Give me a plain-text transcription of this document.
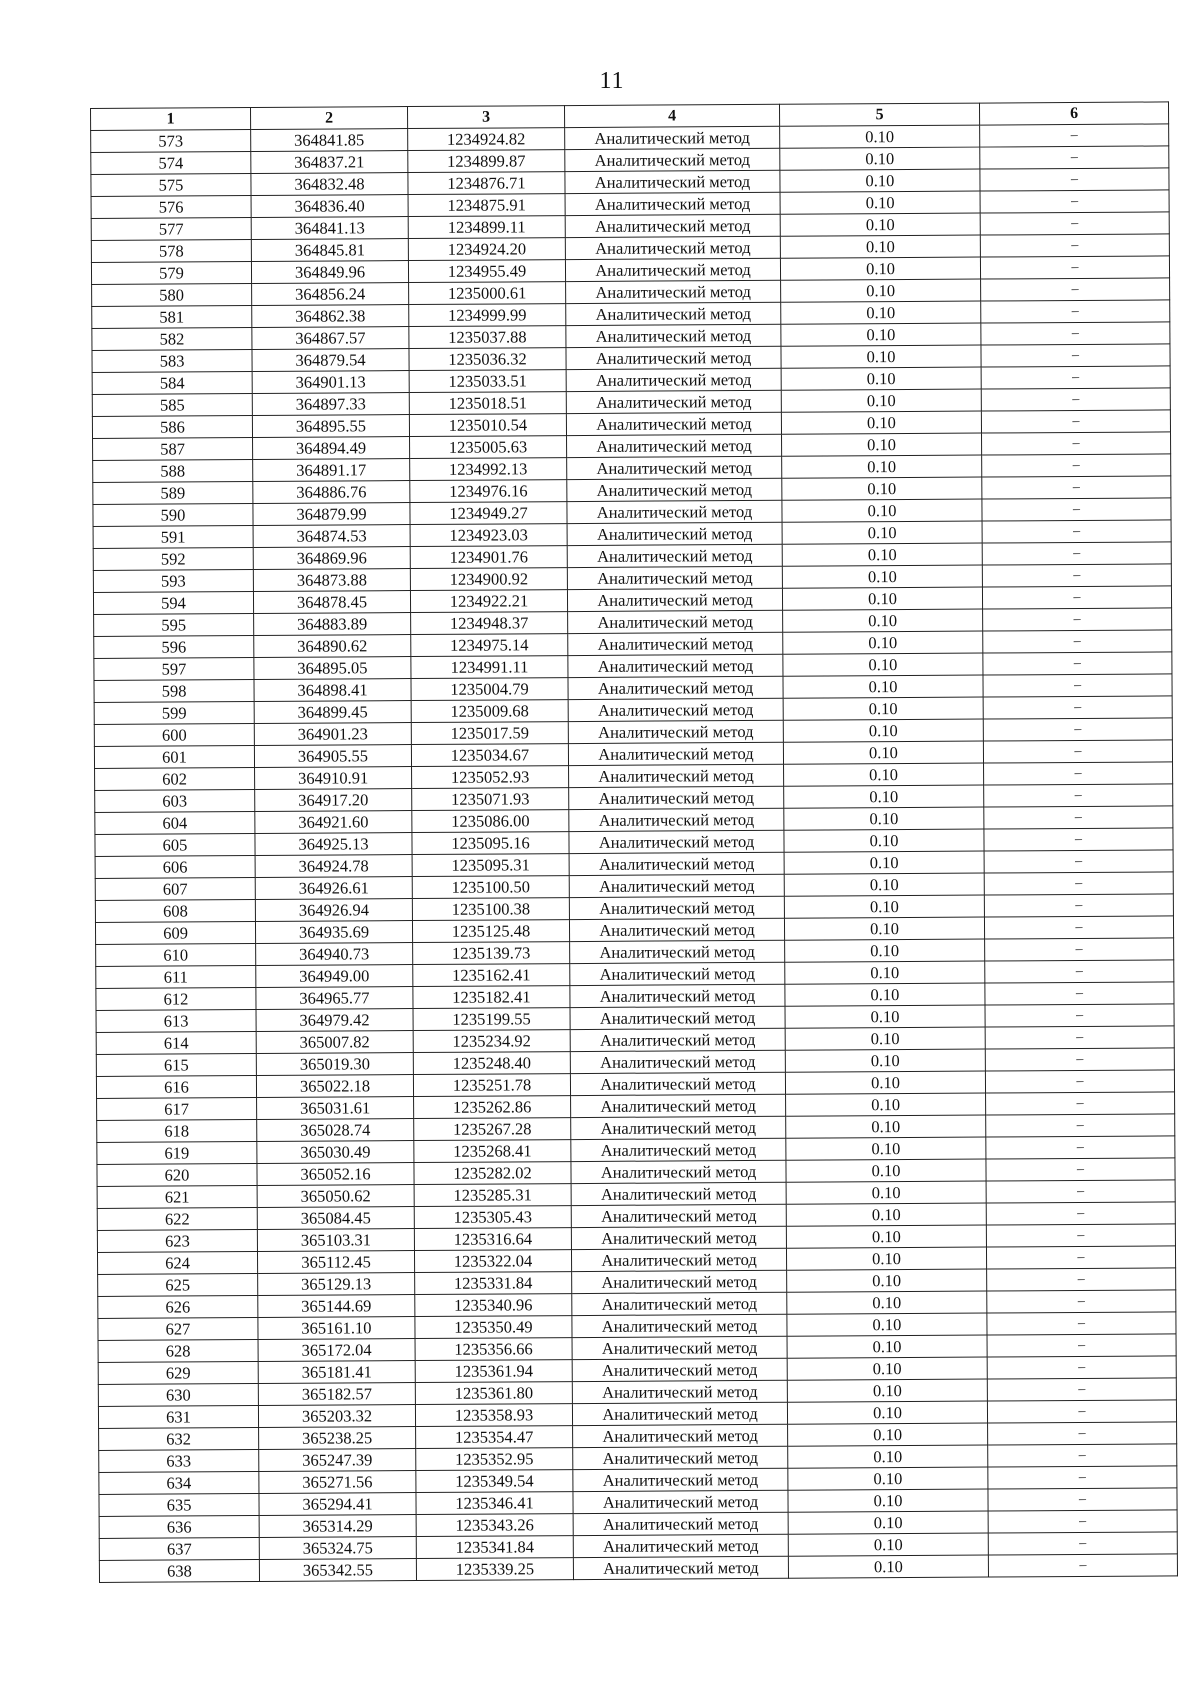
11
1	2	3	4	5	6
573	364841.85	1234924.82	Аналитический метод	0.10	–
574	364837.21	1234899.87	Аналитический метод	0.10	–
575	364832.48	1234876.71	Аналитический метод	0.10	–
576	364836.40	1234875.91	Аналитический метод	0.10	–
577	364841.13	1234899.11	Аналитический метод	0.10	–
578	364845.81	1234924.20	Аналитический метод	0.10	–
579	364849.96	1234955.49	Аналитический метод	0.10	–
580	364856.24	1235000.61	Аналитический метод	0.10	–
581	364862.38	1234999.99	Аналитический метод	0.10	–
582	364867.57	1235037.88	Аналитический метод	0.10	–
583	364879.54	1235036.32	Аналитический метод	0.10	–
584	364901.13	1235033.51	Аналитический метод	0.10	–
585	364897.33	1235018.51	Аналитический метод	0.10	–
586	364895.55	1235010.54	Аналитический метод	0.10	–
587	364894.49	1235005.63	Аналитический метод	0.10	–
588	364891.17	1234992.13	Аналитический метод	0.10	–
589	364886.76	1234976.16	Аналитический метод	0.10	–
590	364879.99	1234949.27	Аналитический метод	0.10	–
591	364874.53	1234923.03	Аналитический метод	0.10	–
592	364869.96	1234901.76	Аналитический метод	0.10	–
593	364873.88	1234900.92	Аналитический метод	0.10	–
594	364878.45	1234922.21	Аналитический метод	0.10	–
595	364883.89	1234948.37	Аналитический метод	0.10	–
596	364890.62	1234975.14	Аналитический метод	0.10	–
597	364895.05	1234991.11	Аналитический метод	0.10	–
598	364898.41	1235004.79	Аналитический метод	0.10	–
599	364899.45	1235009.68	Аналитический метод	0.10	–
600	364901.23	1235017.59	Аналитический метод	0.10	–
601	364905.55	1235034.67	Аналитический метод	0.10	–
602	364910.91	1235052.93	Аналитический метод	0.10	–
603	364917.20	1235071.93	Аналитический метод	0.10	–
604	364921.60	1235086.00	Аналитический метод	0.10	–
605	364925.13	1235095.16	Аналитический метод	0.10	–
606	364924.78	1235095.31	Аналитический метод	0.10	–
607	364926.61	1235100.50	Аналитический метод	0.10	–
608	364926.94	1235100.38	Аналитический метод	0.10	–
609	364935.69	1235125.48	Аналитический метод	0.10	–
610	364940.73	1235139.73	Аналитический метод	0.10	–
611	364949.00	1235162.41	Аналитический метод	0.10	–
612	364965.77	1235182.41	Аналитический метод	0.10	–
613	364979.42	1235199.55	Аналитический метод	0.10	–
614	365007.82	1235234.92	Аналитический метод	0.10	–
615	365019.30	1235248.40	Аналитический метод	0.10	–
616	365022.18	1235251.78	Аналитический метод	0.10	–
617	365031.61	1235262.86	Аналитический метод	0.10	–
618	365028.74	1235267.28	Аналитический метод	0.10	–
619	365030.49	1235268.41	Аналитический метод	0.10	–
620	365052.16	1235282.02	Аналитический метод	0.10	–
621	365050.62	1235285.31	Аналитический метод	0.10	–
622	365084.45	1235305.43	Аналитический метод	0.10	–
623	365103.31	1235316.64	Аналитический метод	0.10	–
624	365112.45	1235322.04	Аналитический метод	0.10	–
625	365129.13	1235331.84	Аналитический метод	0.10	–
626	365144.69	1235340.96	Аналитический метод	0.10	–
627	365161.10	1235350.49	Аналитический метод	0.10	–
628	365172.04	1235356.66	Аналитический метод	0.10	–
629	365181.41	1235361.94	Аналитический метод	0.10	–
630	365182.57	1235361.80	Аналитический метод	0.10	–
631	365203.32	1235358.93	Аналитический метод	0.10	–
632	365238.25	1235354.47	Аналитический метод	0.10	–
633	365247.39	1235352.95	Аналитический метод	0.10	–
634	365271.56	1235349.54	Аналитический метод	0.10	–
635	365294.41	1235346.41	Аналитический метод	0.10	–
636	365314.29	1235343.26	Аналитический метод	0.10	–
637	365324.75	1235341.84	Аналитический метод	0.10	–
638	365342.55	1235339.25	Аналитический метод	0.10	–
